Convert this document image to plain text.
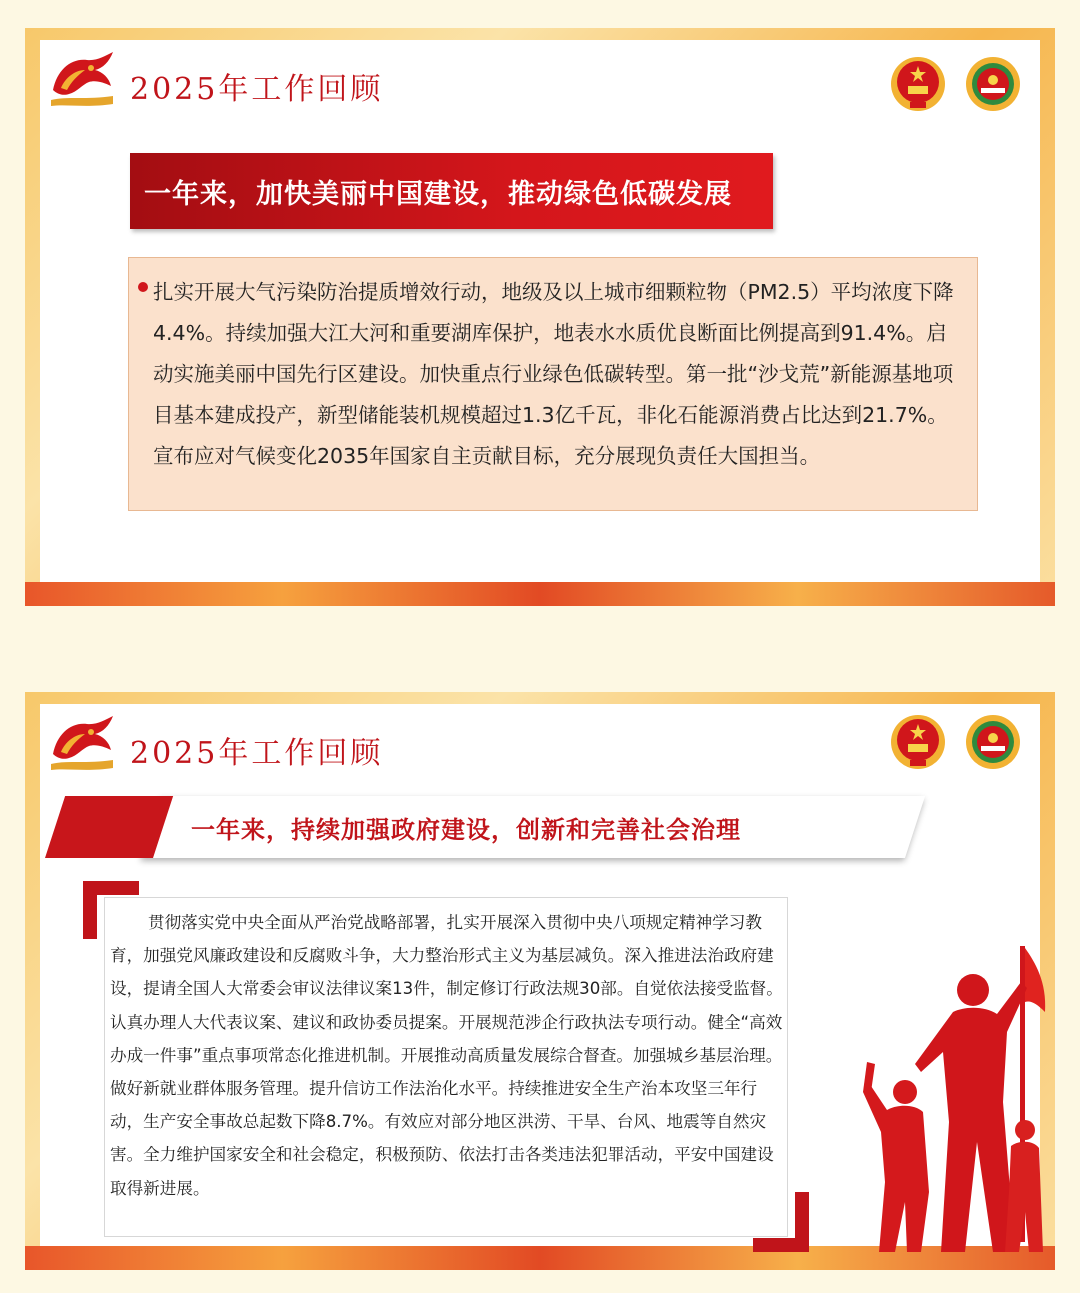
2025年工作回顾
一年来，加快美丽中国建设，推动绿色低碳发展
扎实开展大气污染防治提质增效行动，地级及以上城市细颗粒物（PM2.5）平均浓度下降4.4%。持续加强大江大河和重要湖库保护，地表水水质优良断面比例提高到91.4%。启动实施美丽中国先行区建设。加快重点行业绿色低碳转型。第一批“沙戈荒”新能源基地项目基本建成投产，新型储能装机规模超过1.3亿千瓦，非化石能源消费占比达到21.7%。宣布应对气候变化2035年国家自主贡献目标，充分展现负责任大国担当。
2025年工作回顾
一年来，持续加强政府建设，创新和完善社会治理
贯彻落实党中央全面从严治党战略部署，扎实开展深入贯彻中央八项规定精神学习教育，加强党风廉政建设和反腐败斗争，大力整治形式主义为基层减负。深入推进法治政府建设，提请全国人大常委会审议法律议案13件，制定修订行政法规30部。自觉依法接受监督。认真办理人大代表议案、建议和政协委员提案。开展规范涉企行政执法专项行动。健全“高效办成一件事”重点事项常态化推进机制。开展推动高质量发展综合督查。加强城乡基层治理。做好新就业群体服务管理。提升信访工作法治化水平。持续推进安全生产治本攻坚三年行动，生产安全事故总起数下降8.7%。有效应对部分地区洪涝、干旱、台风、地震等自然灾害。全力维护国家安全和社会稳定，积极预防、依法打击各类违法犯罪活动，平安中国建设取得新进展。
